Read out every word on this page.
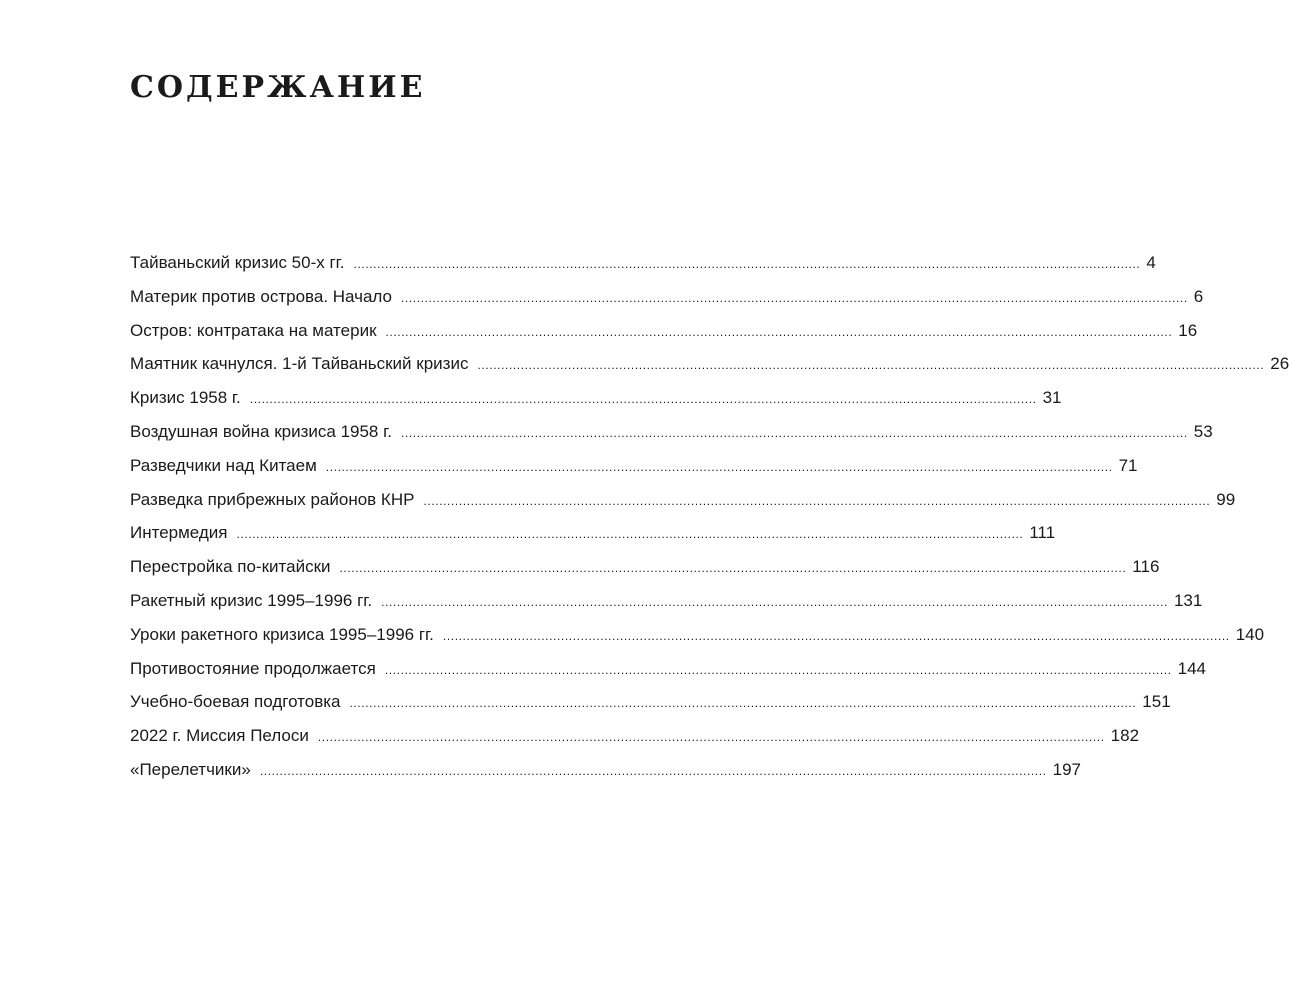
СОДЕРЖАНИЕ
Тайваньский кризис 50-х гг. ........................................................................................................................................................................................................ 4
Материк против острова. Начало ........................................................................................................................................................................................................ 6
Остров: контратака на материк ........................................................................................................................................................................................................ 16
Маятник качнулся. 1-й Тайваньский кризис ........................................................................................................................................................................................................ 26
Кризис 1958 г. ........................................................................................................................................................................................................ 31
Воздушная война кризиса 1958 г. ........................................................................................................................................................................................................ 53
Разведчики над Китаем ........................................................................................................................................................................................................ 71
Разведка прибрежных районов КНР ........................................................................................................................................................................................................ 99
Интермедия ........................................................................................................................................................................................................ 111
Перестройка по-китайски ........................................................................................................................................................................................................ 116
Ракетный кризис 1995–1996 гг. ........................................................................................................................................................................................................ 131
Уроки ракетного кризиса 1995–1996 гг. ........................................................................................................................................................................................................ 140
Противостояние продолжается ........................................................................................................................................................................................................ 144
Учебно-боевая подготовка ........................................................................................................................................................................................................ 151
2022 г. Миссия Пелоси ........................................................................................................................................................................................................ 182
«Перелетчики» ........................................................................................................................................................................................................ 197
